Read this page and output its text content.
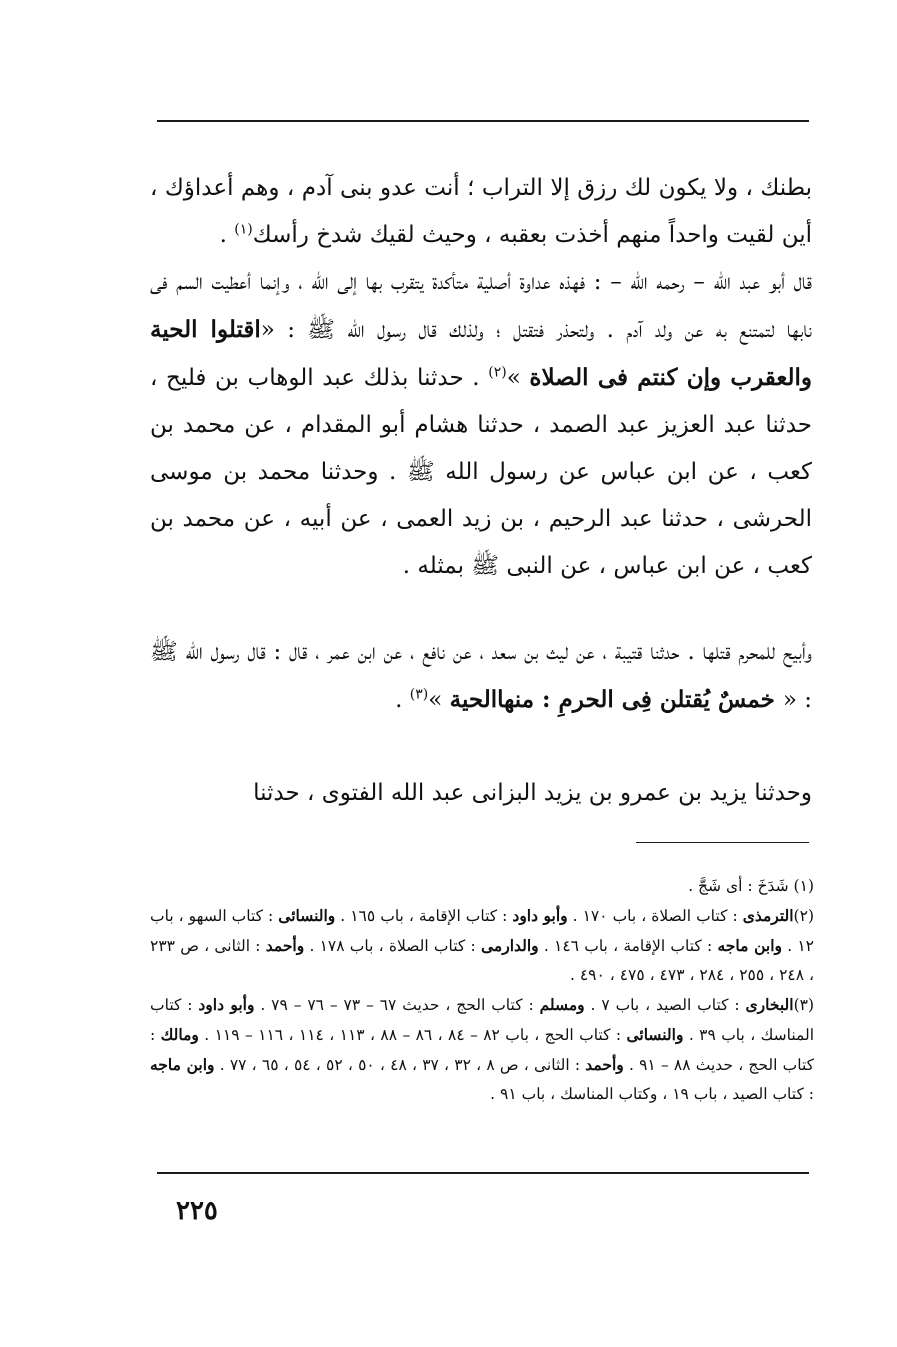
بطنك ، ولا يكون لك رزق إلا التراب ؛ أنت عدو بنى آدم ، وهم أعداؤك ، أين لقيت واحداً منهم أخذت بعقبه ، وحيث لقيك شدخ رأسك$^{(١)}$ .
قال أبو عبد الله – رحمه الله – : فهذه عداوة أصلية متأكدة يتقرب بها إلى الله ، وإنما أعطيت السم فى نابها لتمتنع به عن ولد آدم . ولتحذر فتقتل ؛ ولذلك قال رسول الله ﷺ : «اقتلوا الحية والعقرب وإن كنتم فى الصلاة »$^{(٢)}$ . حدثنا بذلك عبد الوهاب بن فليح ، حدثنا عبد العزيز عبد الصمد ، حدثنا هشام أبو المقدام ، عن محمد بن كعب ، عن ابن عباس عن رسول الله ﷺ . وحدثنا محمد بن موسى الحرشى ، حدثنا عبد الرحيم ، بن زيد العمى ، عن أبيه ، عن محمد بن كعب ، عن ابن عباس ، عن النبى ﷺ بمثله .
وأبيح للمحرم قتلها . حدثنا قتيبة ، عن ليث بن سعد ، عن نافع ، عن ابن عمر ، قال : قال رسول الله ﷺ : « خمسٌ يُقتلن فِى الحرمِ : منهاالحية »$^{(٣)}$ .
وحدثنا يزيد بن عمرو بن يزيد البزانى عبد الله الفتوى ، حدثنا

(١) شَدَخَ : أى شَجَّ .

(٢)الترمذى : كتاب الصلاة ، باب ١٧٠ . وأبو داود : كتاب الإقامة ، باب ١٦٥ . والنسائى : كتاب السهو ، باب ١٢ . وابن ماجه : كتاب الإقامة ، باب ١٤٦ . والدارمى : كتاب الصلاة ، باب ١٧٨ . وأحمد : الثانى ، ص ٢٣٣ ، ٢٤٨ ، ٢٥٥ ، ٢٨٤ ، ٤٧٣ ، ٤٧٥ ، ٤٩٠ .

(٣)البخارى : كتاب الصيد ، باب ٧ . ومسلم : كتاب الحج ، حديث ٦٧ – ٧٣ – ٧٦ – ٧٩ . وأبو داود : كتاب المناسك ، باب ٣٩ . والنسائى : كتاب الحج ، باب ٨٢ – ٨٤ ، ٨٦ – ٨٨ ، ١١٣ ، ١١٤ ، ١١٦ – ١١٩ . ومالك : كتاب الحج ، حديث ٨٨ – ٩١ . وأحمد : الثانى ، ص ٨ ، ٣٢ ، ٣٧ ، ٤٨ ، ٥٠ ، ٥٢ ، ٥٤ ، ٦٥ ، ٧٧ . وابن ماجه : كتاب الصيد ، باب ١٩ ، وكتاب المناسك ، باب ٩١ .

٢٢٥
